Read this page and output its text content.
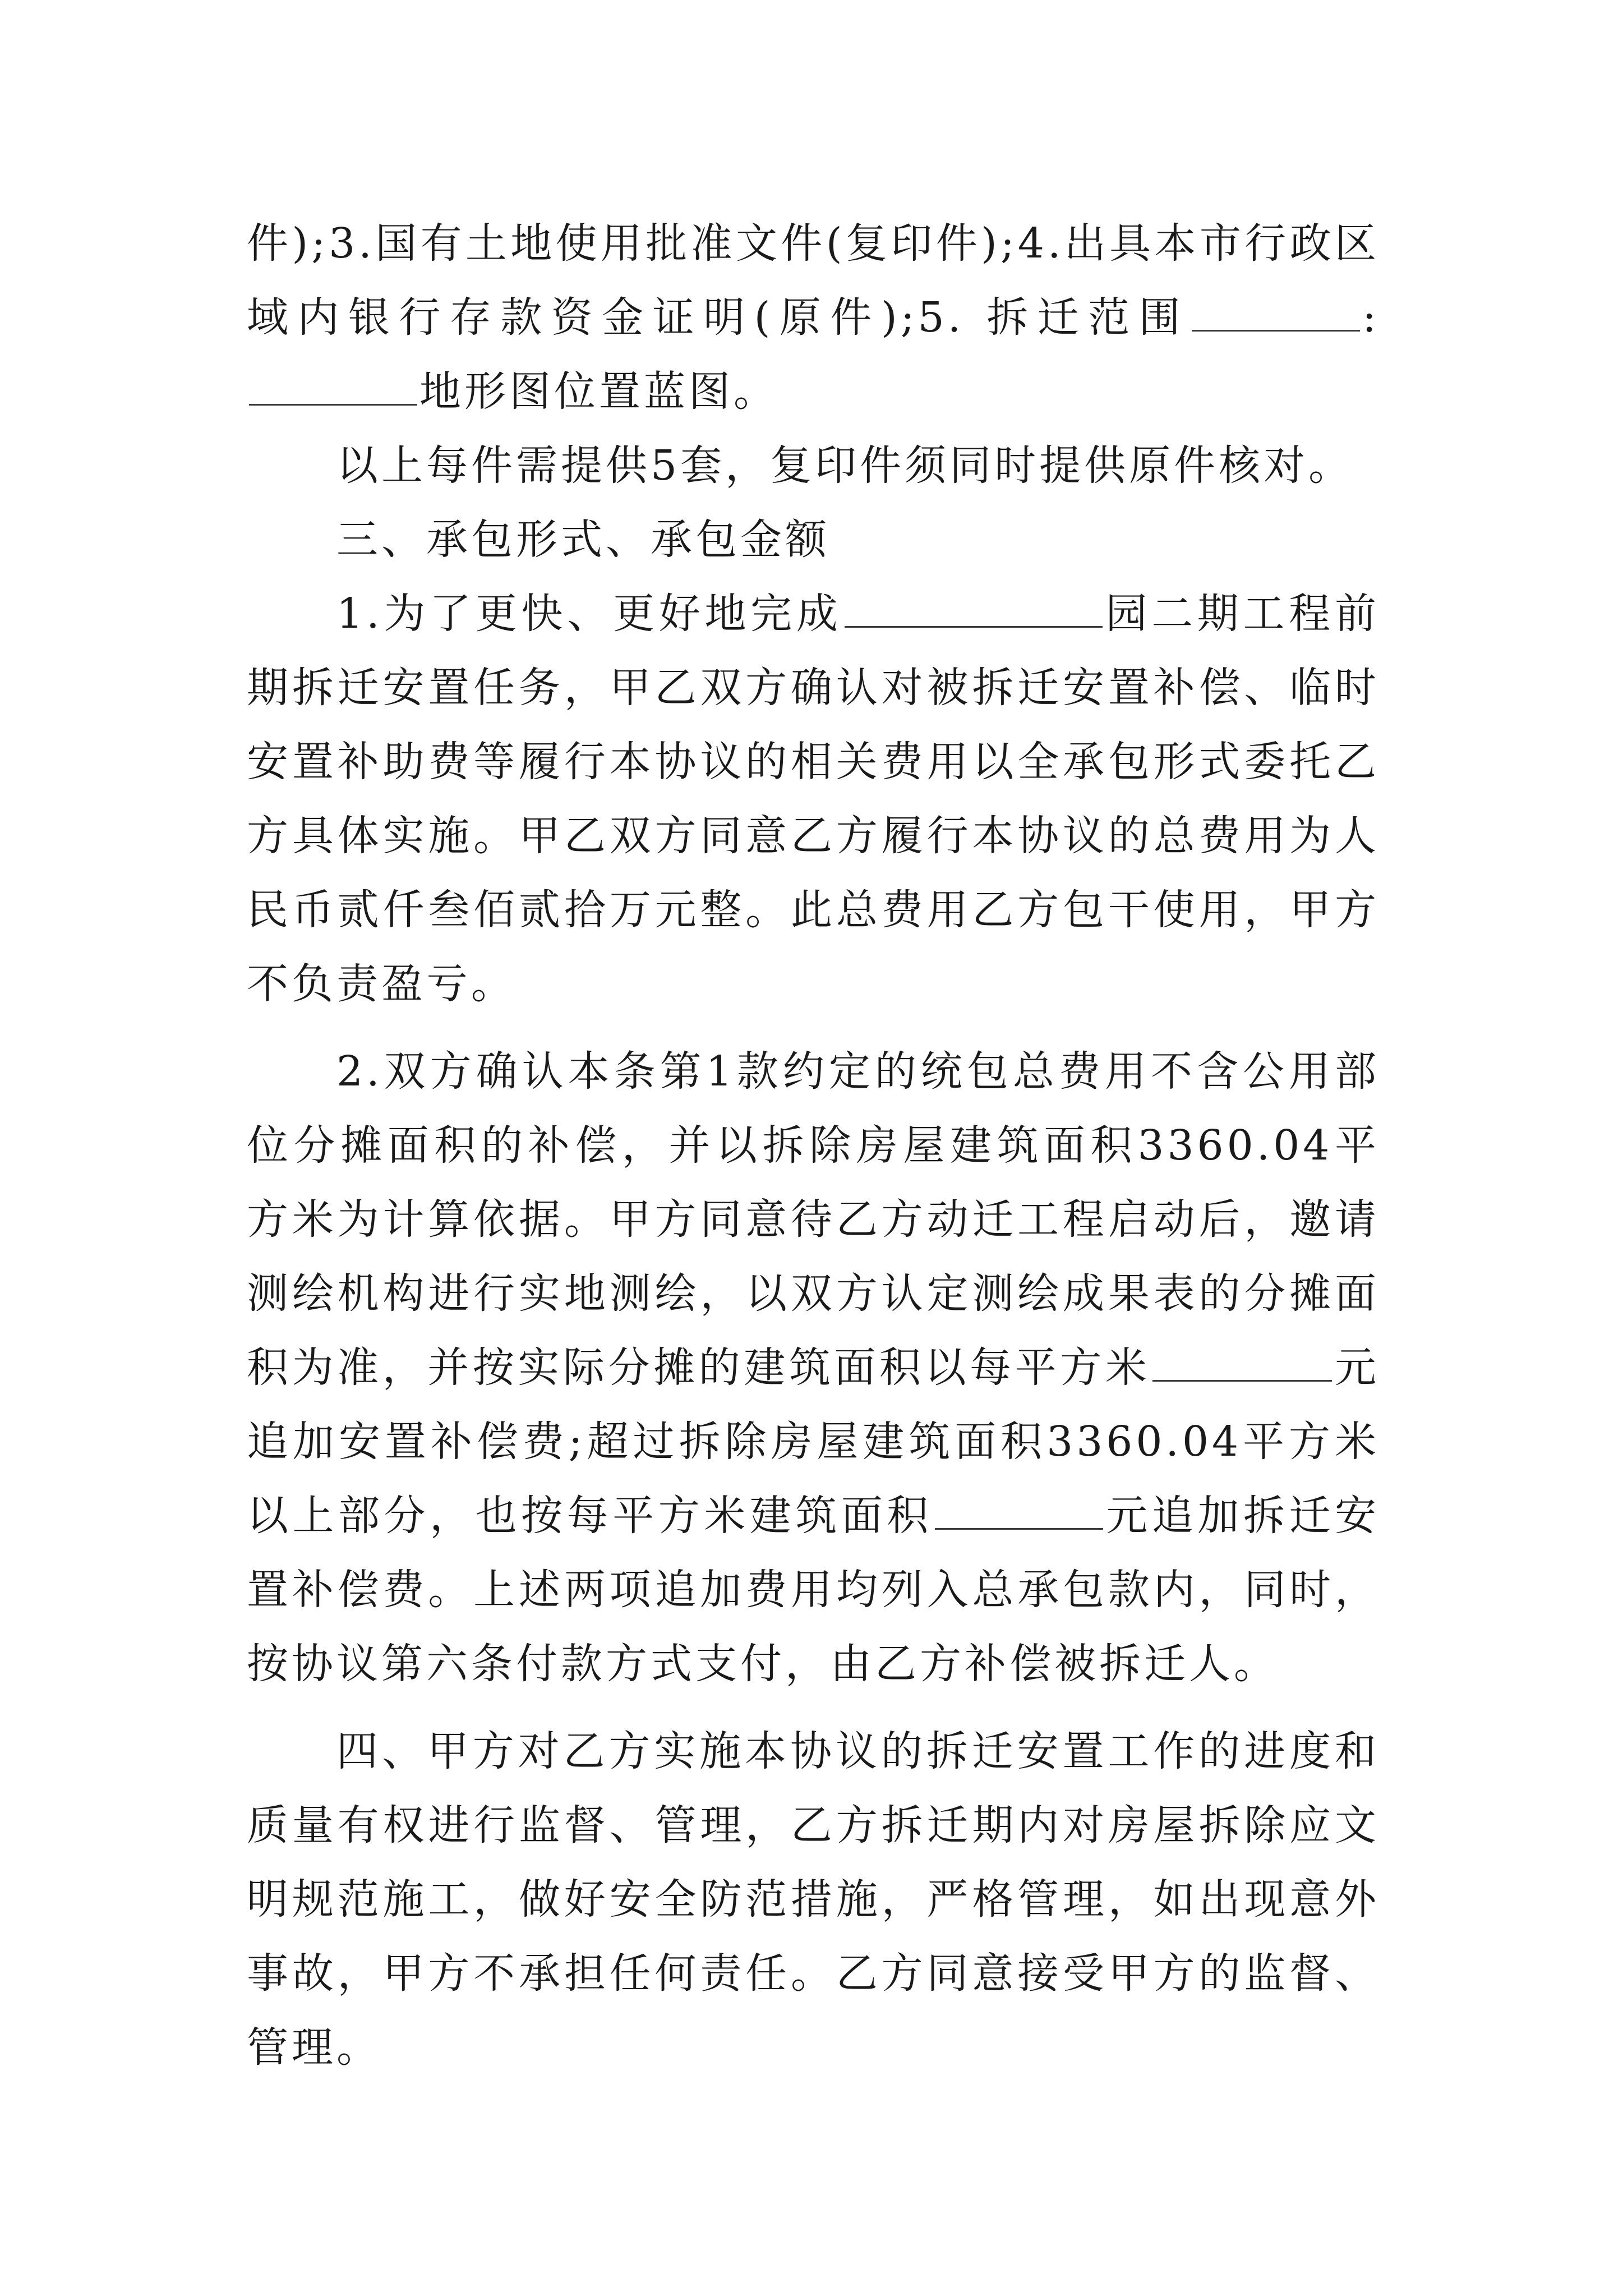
件);3.国有土地使用批准文件(复印件);4.出具本市行政区域内银行存款资金证明(原件);5. 拆迁范围	:地形图位置蓝图。

以上每件需提供5套，复印件须同时提供原件核对。

三、承包形式、承包金额

1.为了更快、更好地完成	园二期工程前期拆迁安置任务，甲乙双方确认对被拆迁安置补偿、临时安置补助费等履行本协议的相关费用以全承包形式委托乙方具体实施。甲乙双方同意乙方履行本协议的总费用为人民币贰仟叁佰贰拾万元整。此总费用乙方包干使用，甲方不负责盈亏。

2.双方确认本条第1款约定的统包总费用不含公用部位分摊面积的补偿，并以拆除房屋建筑面积3360.04平方米为计算依据。甲方同意待乙方动迁工程启动后，邀请测绘机构进行实地测绘，以双方认定测绘成果表的分摊面积为准，并按实际分摊的建筑面积以每平方米	元追加安置补偿费;超过拆除房屋建筑面积3360.04平方米以上部分，也按每平方米建筑面积	元追加拆迁安置补偿费。上述两项追加费用均列入总承包款内，同时，按协议第六条付款方式支付，由乙方补偿被拆迁人。

四、甲方对乙方实施本协议的拆迁安置工作的进度和质量有权进行监督、管理，乙方拆迁期内对房屋拆除应文明规范施工，做好安全防范措施，严格管理，如出现意外事故，甲方不承担任何责任。乙方同意接受甲方的监督、管理。
